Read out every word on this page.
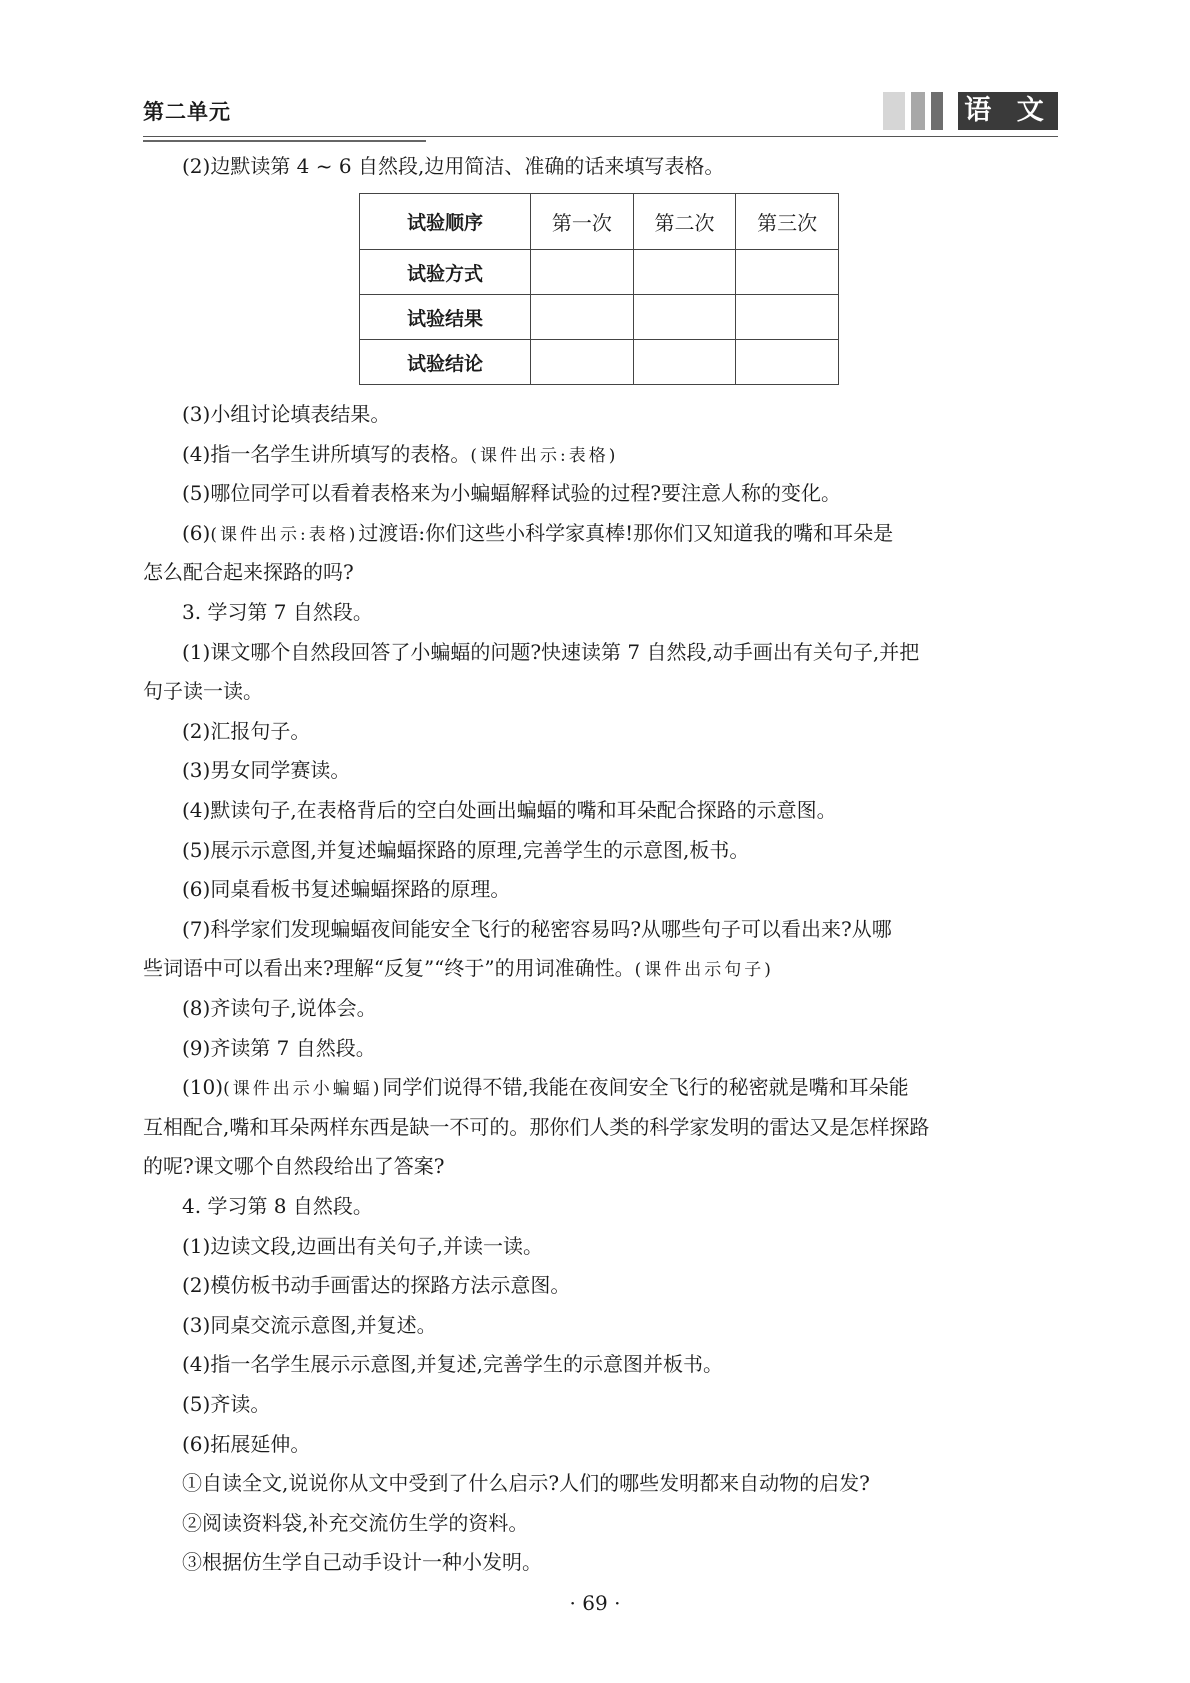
第二单元	语 文
(2)边默读第 4 ~ 6 自然段,边用简洁、准确的话来填写表格。
试验顺序	第一次	第二次	第三次
试验方式			
试验结果			
试验结论			
(3)小组讨论填表结果。
(4)指一名学生讲所填写的表格。(课件出示:表格)
(5)哪位同学可以看着表格来为小蝙蝠解释试验的过程?要注意人称的变化。
(6)(课件出示:表格)过渡语:你们这些小科学家真棒!那你们又知道我的嘴和耳朵是
怎么配合起来探路的吗?
3. 学习第 7 自然段。
(1)课文哪个自然段回答了小蝙蝠的问题?快速读第 7 自然段,动手画出有关句子,并把
句子读一读。
(2)汇报句子。
(3)男女同学赛读。
(4)默读句子,在表格背后的空白处画出蝙蝠的嘴和耳朵配合探路的示意图。
(5)展示示意图,并复述蝙蝠探路的原理,完善学生的示意图,板书。
(6)同桌看板书复述蝙蝠探路的原理。
(7)科学家们发现蝙蝠夜间能安全飞行的秘密容易吗?从哪些句子可以看出来?从哪
些词语中可以看出来?理解“反复”“终于”的用词准确性。(课件出示句子)
(8)齐读句子,说体会。
(9)齐读第 7 自然段。
(10)(课件出示小蝙蝠)同学们说得不错,我能在夜间安全飞行的秘密就是嘴和耳朵能
互相配合,嘴和耳朵两样东西是缺一不可的。那你们人类的科学家发明的雷达又是怎样探路
的呢?课文哪个自然段给出了答案?
4. 学习第 8 自然段。
(1)边读文段,边画出有关句子,并读一读。
(2)模仿板书动手画雷达的探路方法示意图。
(3)同桌交流示意图,并复述。
(4)指一名学生展示示意图,并复述,完善学生的示意图并板书。
(5)齐读。
(6)拓展延伸。
①自读全文,说说你从文中受到了什么启示?人们的哪些发明都来自动物的启发?
②阅读资料袋,补充交流仿生学的资料。
③根据仿生学自己动手设计一种小发明。
· 69 ·
